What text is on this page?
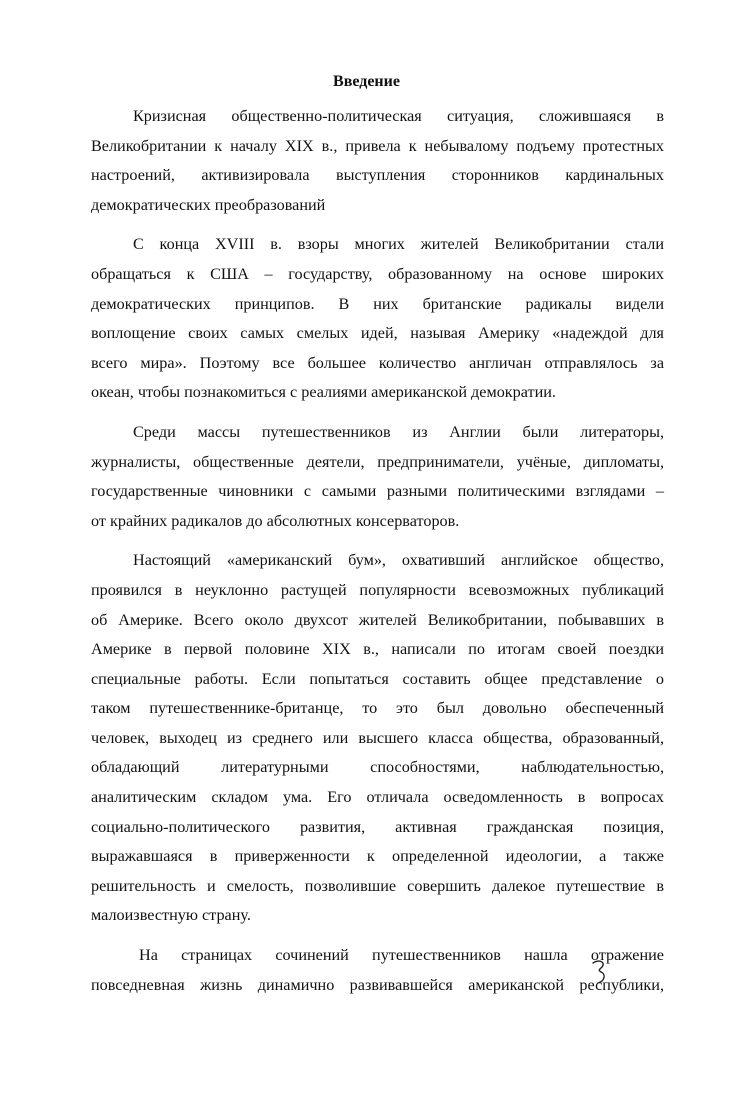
Введение

Кризисная общественно-политическая ситуация, сложившаяся в
Великобритании к началу XIX в., привела к небывалому подъему протестных
настроений, активизировала выступления сторонников кардинальных
демократических преобразований

С конца XVIII в. взоры многих жителей Великобритании стали
обращаться к США – государству, образованному на основе широких
демократических принципов. В них британские радикалы видели
воплощение своих самых смелых идей, называя Америку «надеждой для
всего мира». Поэтому все большее количество англичан отправлялось за
океан, чтобы познакомиться с реалиями американской демократии.

Среди массы путешественников из Англии были литераторы,
журналисты, общественные деятели, предприниматели, учёные, дипломаты,
государственные чиновники с самыми разными политическими взглядами –
от крайних радикалов до абсолютных консерваторов.

Настоящий «американский бум», охвативший английское общество,
проявился в неуклонно растущей популярности всевозможных публикаций
об Америке. Всего около двухсот жителей Великобритании, побывавших в
Америке в первой половине XIX в., написали по итогам своей поездки
специальные работы. Если попытаться составить общее представление о
таком путешественнике-британце, то это был довольно обеспеченный
человек, выходец из среднего или высшего класса общества, образованный,
обладающий литературными способностями, наблюдательностью,
аналитическим складом ума. Его отличала осведомленность в вопросах
социально-политического развития, активная гражданская позиция,
выражавшаяся в приверженности к определенной идеологии, а также
решительность и смелость, позволившие совершить далекое путешествие в
малоизвестную страну.

На страницах сочинений путешественников нашла отражение
повседневная жизнь динамично развивавшейся американской республики,
